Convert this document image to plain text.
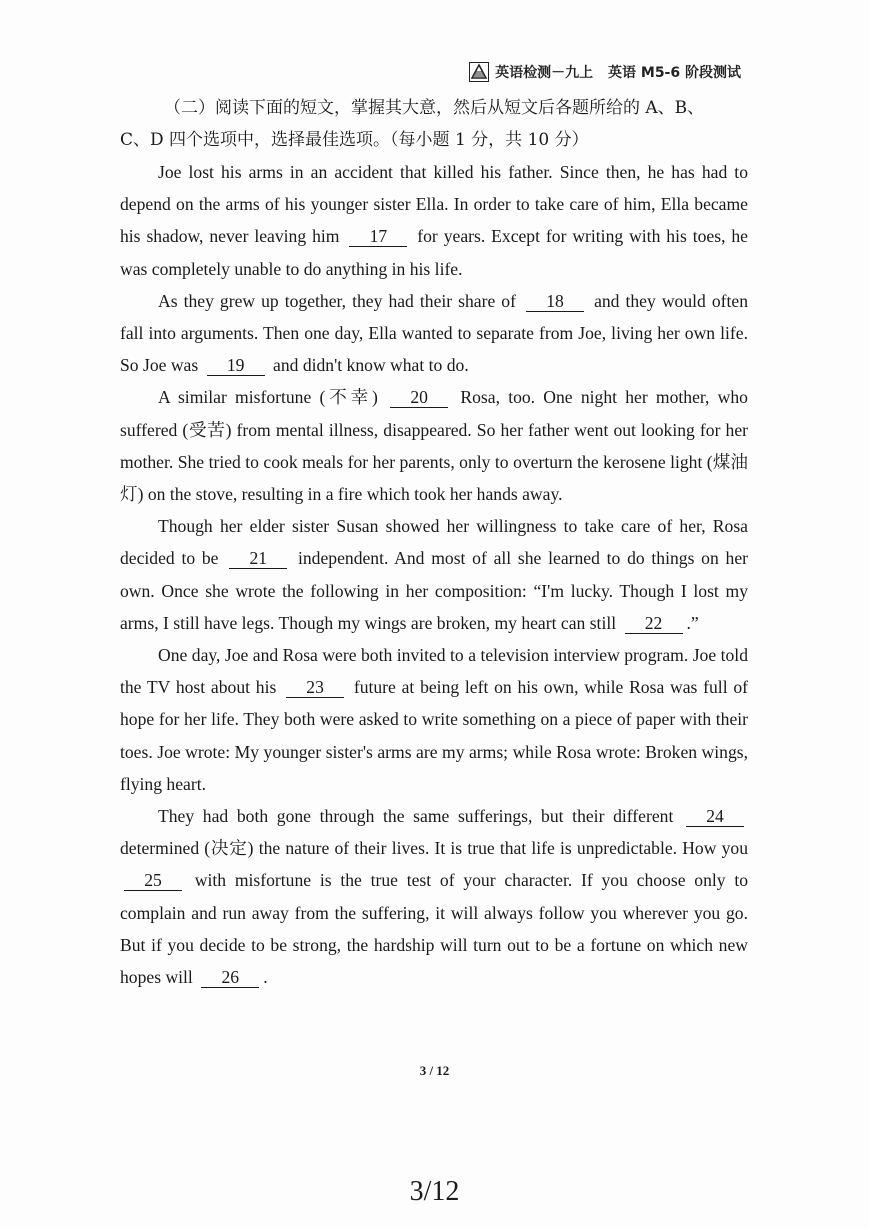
英语检测－九上 英语 M5-6 阶段测试
（二）阅读下面的短文，掌握其大意，然后从短文后各题所给的 A、B、
C、D 四个选项中，选择最佳选项。（每小题 1 分，共 10 分）

Joe lost his arms in an accident that killed his father. Since then, he has had to depend on the arms of his younger sister Ella. In order to take care of him, Ella became his shadow, never leaving him 17 for years. Except for writing with his toes, he was completely unable to do anything in his life.

As they grew up together, they had their share of 18 and they would often fall into arguments. Then one day, Ella wanted to separate from Joe, living her own life. So Joe was 19 and didn't know what to do.

A similar misfortune (不幸) 20 Rosa, too. One night her mother, who suffered (受苦) from mental illness, disappeared. So her father went out looking for her mother. She tried to cook meals for her parents, only to overturn the kerosene light (煤油灯) on the stove, resulting in a fire which took her hands away.

Though her elder sister Susan showed her willingness to take care of her, Rosa decided to be 21 independent. And most of all she learned to do things on her own. Once she wrote the following in her composition: “I'm lucky. Though I lost my arms, I still have legs. Though my wings are broken, my heart can still 22 .”

One day, Joe and Rosa were both invited to a television interview program. Joe told the TV host about his 23 future at being left on his own, while Rosa was full of hope for her life. They both were asked to write something on a piece of paper with their toes. Joe wrote: My younger sister's arms are my arms; while Rosa wrote: Broken wings, flying heart.

They had both gone through the same sufferings, but their different 24 determined (决定) the nature of their lives. It is true that life is unpredictable. How you 25 with misfortune is the true test of your character. If you choose only to complain and run away from the suffering, it will always follow you wherever you go. But if you decide to be strong, the hardship will turn out to be a fortune on which new hopes will 26 .

3 / 12
3/12
